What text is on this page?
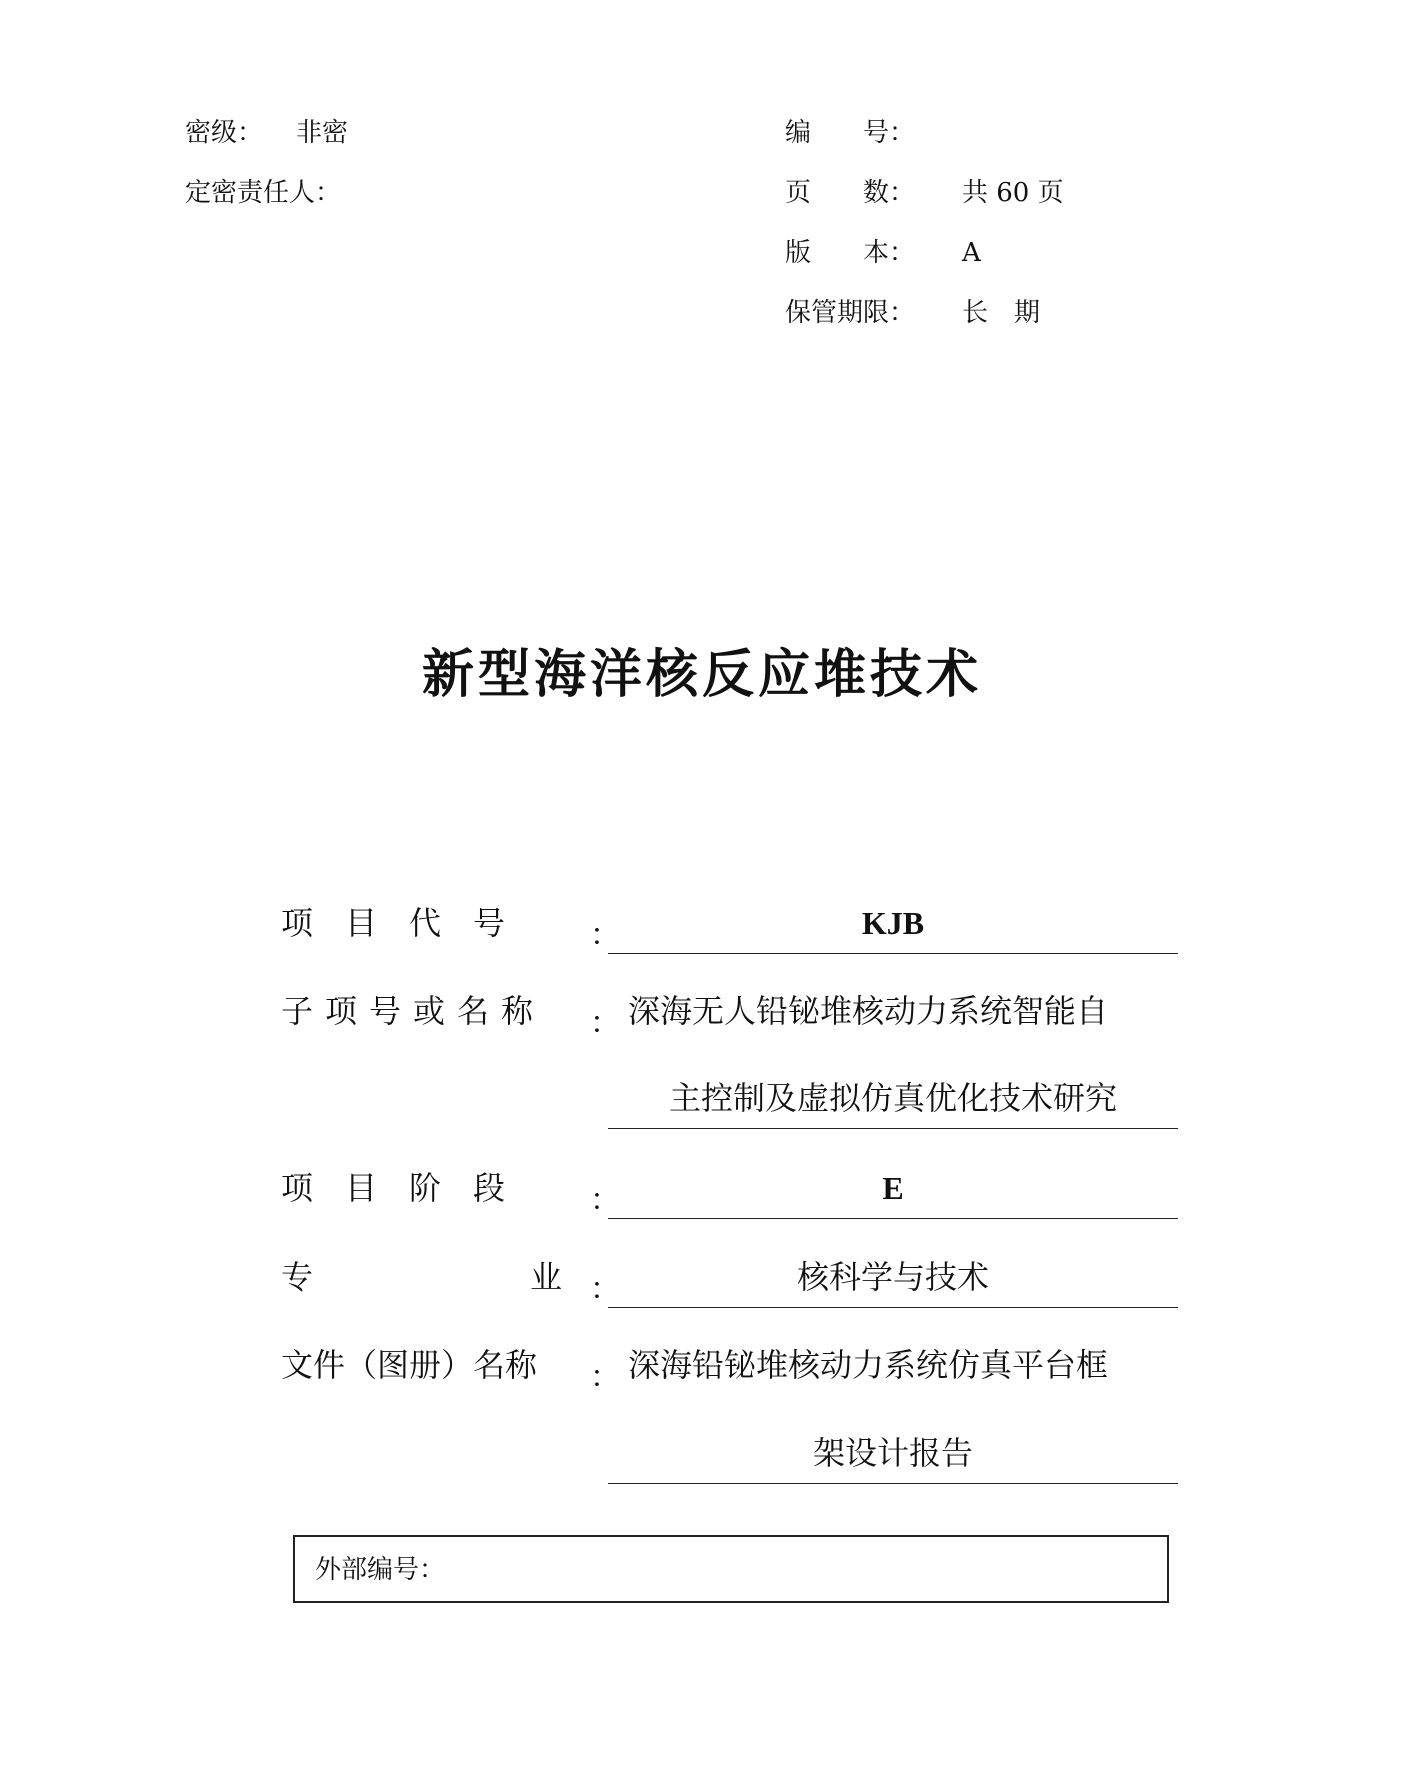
密级： 非密
定密责任人：
编　　号：
页　　数： 共 60 页
版　　本： A
保管期限： 长　期
新型海洋核反应堆技术
项　目　代　号	：	KJB
子项号或名称 ： 深海无人铅铋堆核动力系统智能自
主控制及虚拟仿真优化技术研究
项　目　阶　段	：	E
专	业 ：	核科学与技术
文件（图册）名称 ： 深海铅铋堆核动力系统仿真平台框
架设计报告
外部编号：
